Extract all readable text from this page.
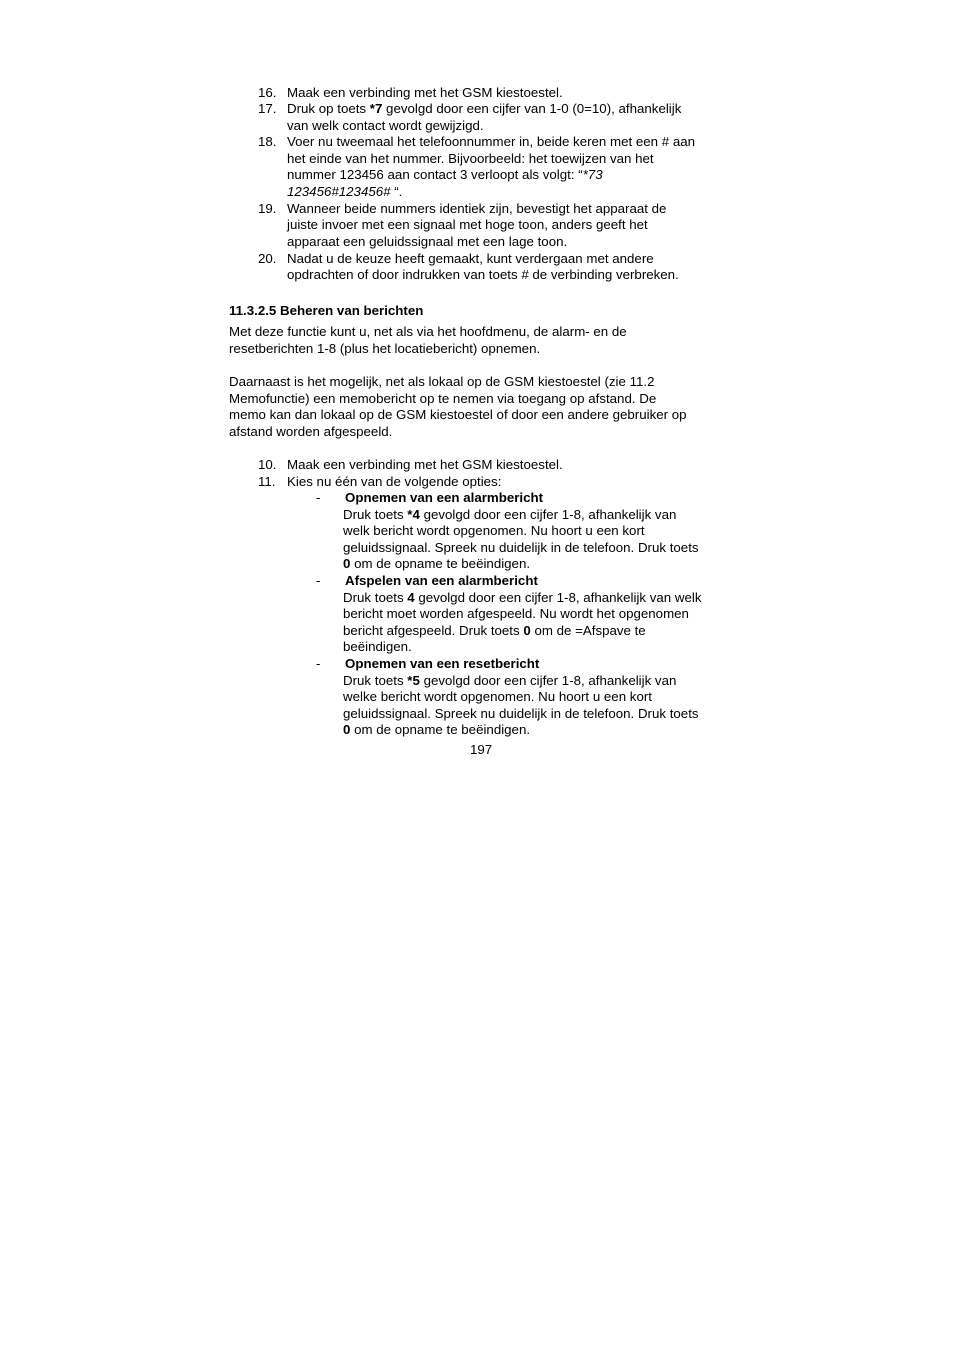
16. Maak een verbinding met het GSM kiestoestel.
17. Druk op toets *7 gevolgd door een cijfer van 1-0 (0=10), afhankelijk
van welk contact wordt gewijzigd.
18. Voer nu tweemaal het telefoonnummer in, beide keren met een # aan
het einde van het nummer. Bijvoorbeeld: het toewijzen van het
nummer 123456 aan contact 3 verloopt als volgt: “*73
123456#123456# “.
19. Wanneer beide nummers identiek zijn, bevestigt het apparaat de
juiste invoer met een signaal met hoge toon, anders geeft het
apparaat een geluidssignaal met een lage toon.
20. Nadat u de keuze heeft gemaakt, kunt verdergaan met andere
opdrachten of door indrukken van toets # de verbinding verbreken.
11.3.2.5 Beheren van berichten
Met deze functie kunt u, net als via het hoofdmenu, de alarm- en de
resetberichten 1-8 (plus het locatiebericht) opnemen.
Daarnaast is het mogelijk, net als lokaal op de GSM kiestoestel (zie 11.2
Memofunctie) een memobericht op te nemen via toegang op afstand. De
memo kan dan lokaal op de GSM kiestoestel of door een andere gebruiker op
afstand worden afgespeeld.
10. Maak een verbinding met het GSM kiestoestel.
11. Kies nu één van de volgende opties:
- Opnemen van een alarmbericht
Druk toets *4 gevolgd door een cijfer 1-8, afhankelijk van
welk bericht wordt opgenomen. Nu hoort u een kort
geluidssignaal. Spreek nu duidelijk in de telefoon. Druk toets
0 om de opname te beëindigen.
- Afspelen van een alarmbericht
Druk toets 4 gevolgd door een cijfer 1-8, afhankelijk van welk
bericht moet worden afgespeeld. Nu wordt het opgenomen
bericht afgespeeld. Druk toets 0 om de =Afspave te
beëindigen.
- Opnemen van een resetbericht
Druk toets *5 gevolgd door een cijfer 1-8, afhankelijk van
welke bericht wordt opgenomen. Nu hoort u een kort
geluidssignaal. Spreek nu duidelijk in de telefoon. Druk toets
0 om de opname te beëindigen.
197
